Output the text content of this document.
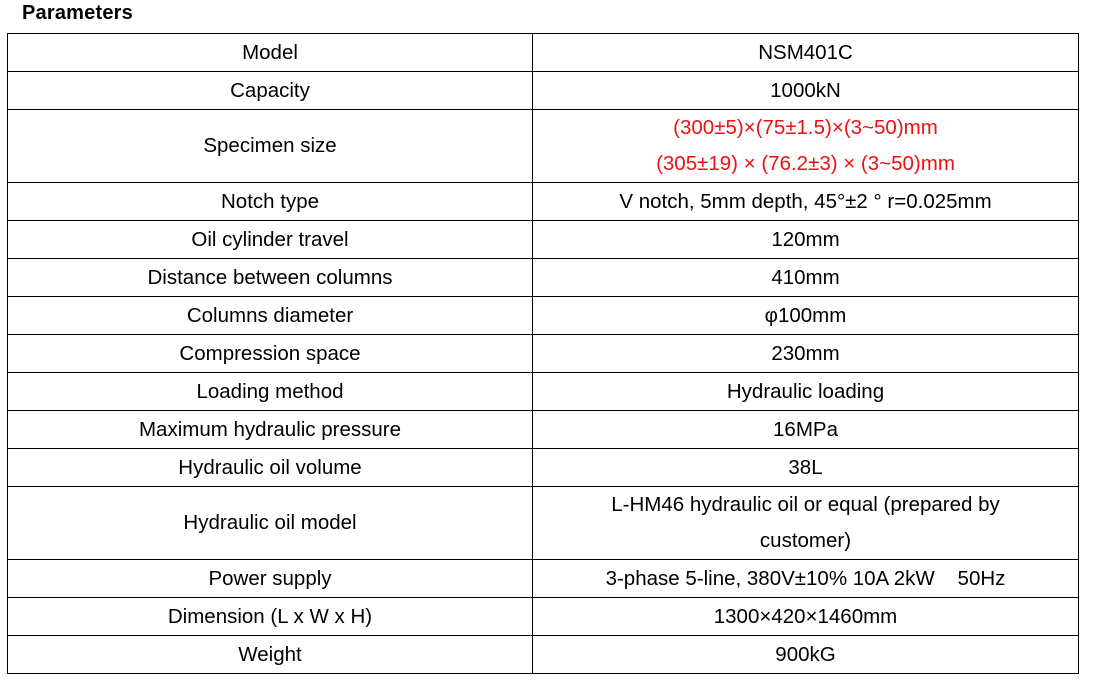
Parameters
Model	NSM401C
Capacity	1000kN
Specimen size	(300±5)×(75±1.5)×(3~50)mm
(305±19) × (76.2±3) × (3~50)mm

Notch type	V notch, 5mm depth, 45°±2 ° r=0.025mm
Oil cylinder travel	120mm
Distance between columns	410mm
Columns diameter	φ100mm
Compression space	230mm
Loading method	Hydraulic loading
Maximum hydraulic pressure	16MPa
Hydraulic oil volume	38L
Hydraulic oil model	L-HM46 hydraulic oil or equal (prepared by customer)
Power supply	3-phase 5-line, 380V±10% 10A 2kW    50Hz
Dimension (L x W x H)	1300×420×1460mm
Weight	900kG
